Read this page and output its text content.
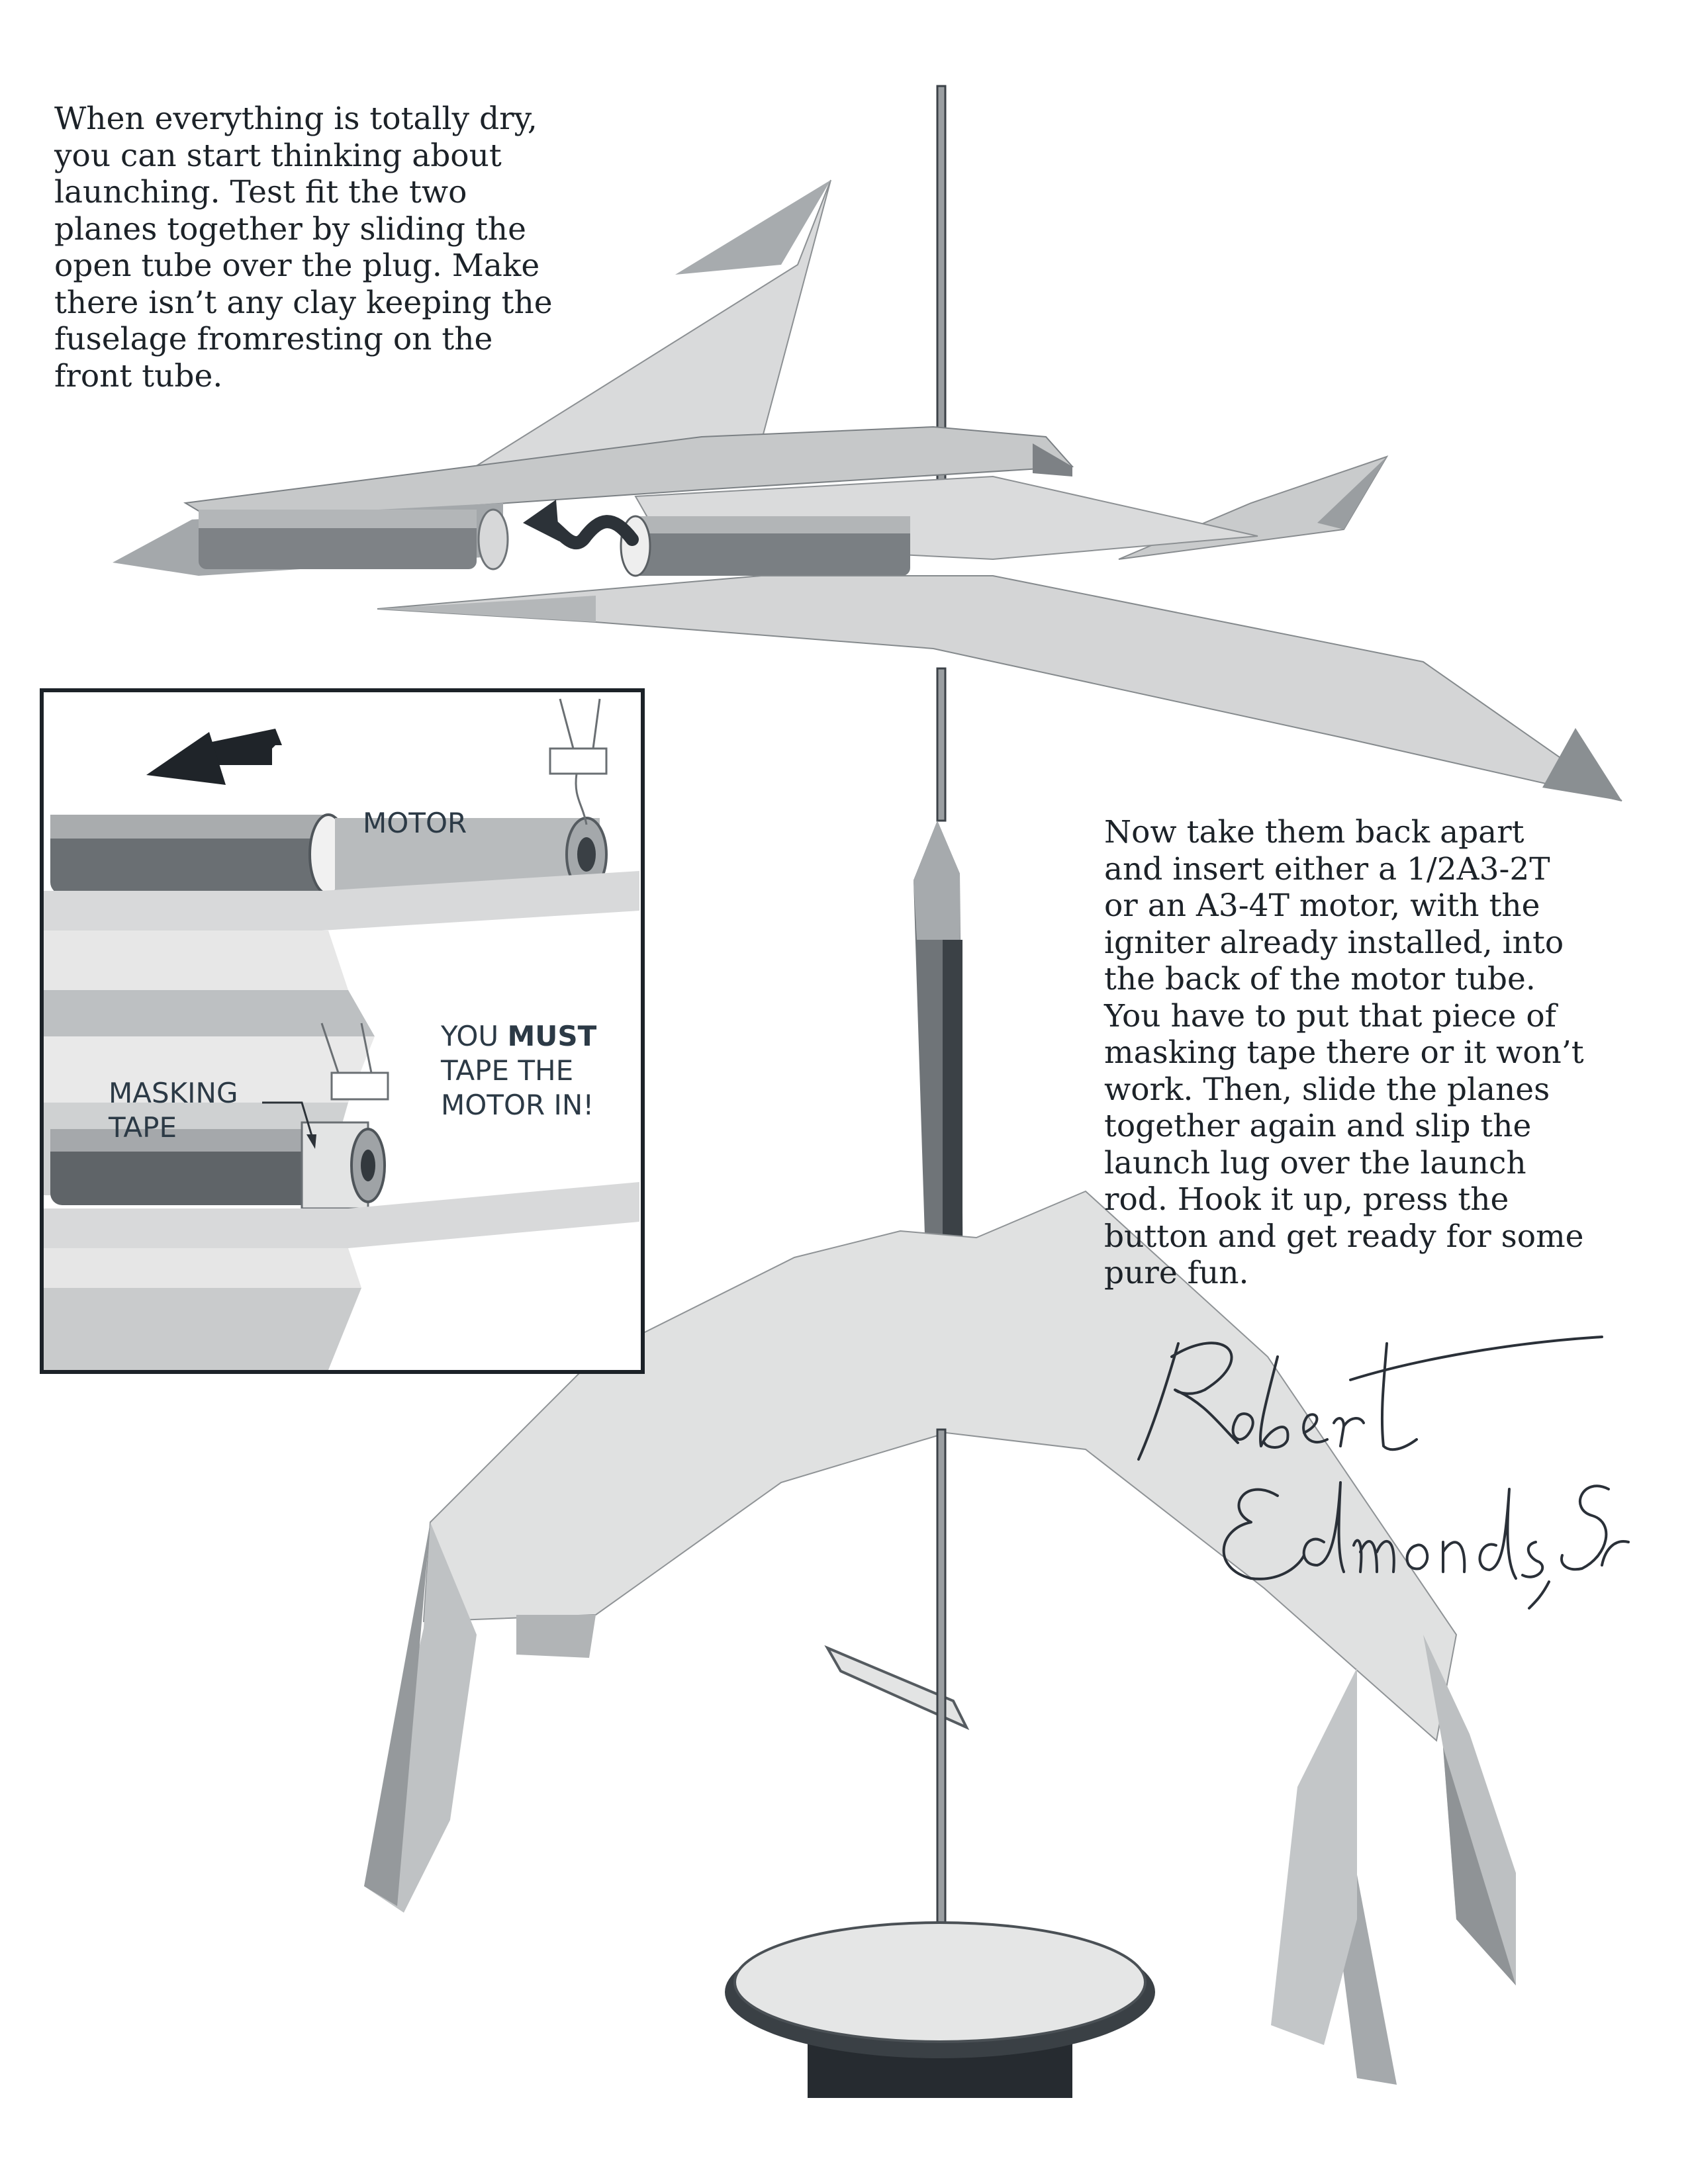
When everything is totally dry,
you can start thinking about
launching. Test fit the two
planes together by sliding the
open tube over the plug. Make
there isn’t any clay keeping the
fuselage fromresting on the
front tube.

MOTOR
MASKING
TAPE
YOU MUST
TAPE THE
MOTOR IN!

Now take them back apart
and insert either a 1/2A3-2T
or an A3-4T motor, with the
igniter already installed, into
the back of the motor tube.
You have to put that piece of
masking tape there or it won’t
work. Then, slide the planes
together again and slip the
launch lug over the launch
rod. Hook it up, press the
button and get ready for some
pure fun.
